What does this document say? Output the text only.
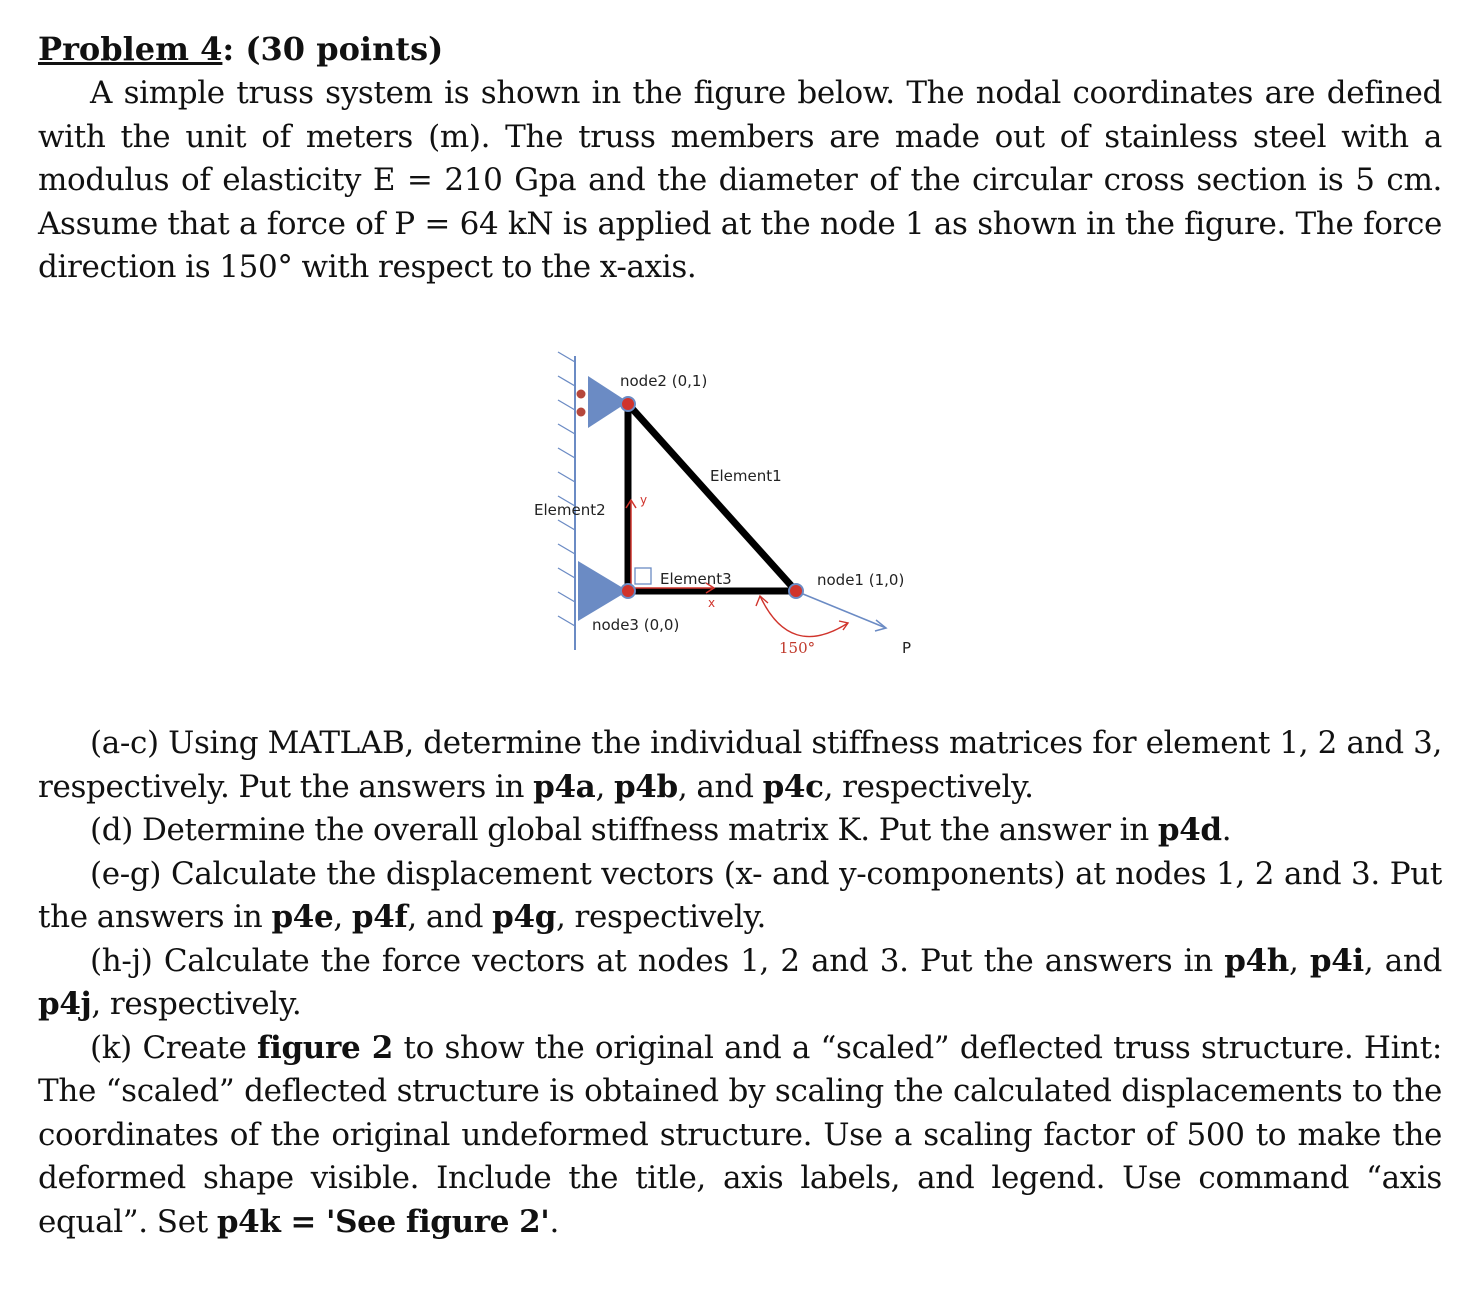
Problem 4: (30 points)

A simple truss system is shown in the figure below. The nodal coordinates are defined with the unit of meters (m). The truss members are made out of stainless steel with a modulus of elasticity E = 210 Gpa and the diameter of the circular cross section is 5 cm. Assume that a force of P = 64 kN is applied at the node 1 as shown in the figure. The force direction is 150° with respect to the x-axis.

y
x
node2 (0,1)
Element1
Element2
Element3	node1 (1,0)
node3 (0,0)
150°	P

(a-c) Using MATLAB, determine the individual stiffness matrices for element 1, 2 and 3, respectively. Put the answers in p4a, p4b, and p4c, respectively.

(d) Determine the overall global stiffness matrix K. Put the answer in p4d.

(e-g) Calculate the displacement vectors (x- and y-components) at nodes 1, 2 and 3. Put the answers in p4e, p4f, and p4g, respectively.

(h-j) Calculate the force vectors at nodes 1, 2 and 3. Put the answers in p4h, p4i, and p4j, respectively.

(k) Create figure 2 to show the original and a “scaled” deflected truss structure. Hint: The “scaled” deflected structure is obtained by scaling the calculated displacements to the coordinates of the original undeformed structure. Use a scaling factor of 500 to make the deformed shape visible. Include the title, axis labels, and legend. Use command “axis equal”. Set p4k = 'See figure 2'.
